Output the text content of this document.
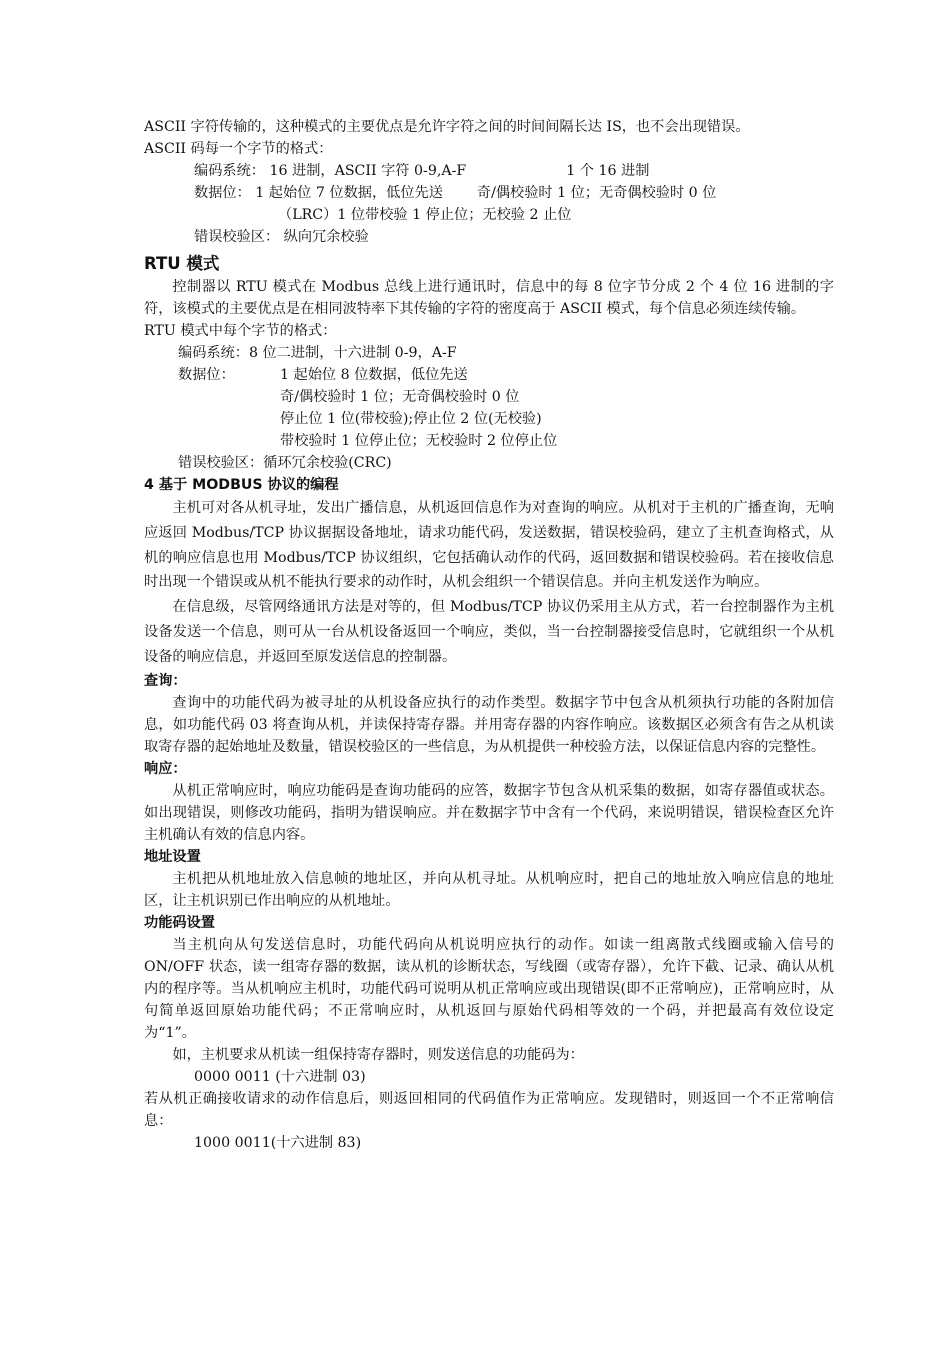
ASCII 字符传输的，这种模式的主要优点是允许字符之间的时间间隔长达 IS，也不会出现错误。

ASCII 码每一个字节的格式：

编码系统： 16 进制，ASCII 字符 0-9,A-F	1 个 16 进制

数据位： 1 起始位 7 位数据，低位先送 奇/偶校验时 1 位；无奇偶校验时 0 位

（LRC）1 位带校验 1 停止位；无校验 2 止位

错误校验区： 纵向冗余校验

RTU 模式

控制器以 RTU 模式在 Modbus 总线上进行通讯时，信息中的每 8 位字节分成 2 个 4 位 16 进制的字符，该模式的主要优点是在相同波特率下其传输的字符的密度高于 ASCII 模式，每个信息必须连续传输。

RTU 模式中每个字节的格式：

编码系统：8 位二进制，十六进制 0-9，A-F

数据位：	1 起始位 8 位数据，低位先送

奇/偶校验时 1 位；无奇偶校验时 0 位

停止位 1 位(带校验);停止位 2 位(无校验)

带校验时 1 位停止位；无校验时 2 位停止位

错误校验区：循环冗余校验(CRC)

4 基于 MODBUS 协议的编程

主机可对各从机寻址，发出广播信息，从机返回信息作为对查询的响应。从机对于主机的广播查询，无响应返回 Modbus/TCP 协议据据设备地址，请求功能代码，发送数据，错误校验码，建立了主机查询格式，从机的响应信息也用 Modbus/TCP 协议组织，它包括确认动作的代码，返回数据和错误校验码。若在接收信息时出现一个错误或从机不能执行要求的动作时，从机会组织一个错误信息。并向主机发送作为响应。

在信息级，尽管网络通讯方法是对等的，但 Modbus/TCP 协议仍采用主从方式，若一台控制器作为主机设备发送一个信息，则可从一台从机设备返回一个响应，类似，当一台控制器接受信息时，它就组织一个从机设备的响应信息，并返回至原发送信息的控制器。

查询：

查询中的功能代码为被寻址的从机设备应执行的动作类型。数据字节中包含从机须执行功能的各附加信息，如功能代码 03 将查询从机，并读保持寄存器。并用寄存器的内容作响应。该数据区必须含有告之从机读取寄存器的起始地址及数量，错误校验区的一些信息，为从机提供一种校验方法，以保证信息内容的完整性。

响应：

从机正常响应时，响应功能码是查询功能码的应答，数据字节包含从机采集的数据，如寄存器值或状态。如出现错误，则修改功能码，指明为错误响应。并在数据字节中含有一个代码，来说明错误，错误检查区允许主机确认有效的信息内容。

地址设置

主机把从机地址放入信息帧的地址区，并向从机寻址。从机响应时，把自己的地址放入响应信息的地址区，让主机识别已作出响应的从机地址。

功能码设置

当主机向从句发送信息时，功能代码向从机说明应执行的动作。如读一组离散式线圈或输入信号的 ON/OFF 状态，读一组寄存器的数据，读从机的诊断状态，写线圈（或寄存器），允许下截、记录、确认从机内的程序等。当从机响应主机时，功能代码可说明从机正常响应或出现错误(即不正常响应)，正常响应时，从句简单返回原始功能代码；不正常响应时，从机返回与原始代码相等效的一个码，并把最高有效位设定为“1”。

如，主机要求从机读一组保持寄存器时，则发送信息的功能码为：

0000 0011 (十六进制 03)

若从机正确接收请求的动作信息后，则返回相同的代码值作为正常响应。发现错时，则返回一个不正常响信息：

1000 0011(十六进制 83)
